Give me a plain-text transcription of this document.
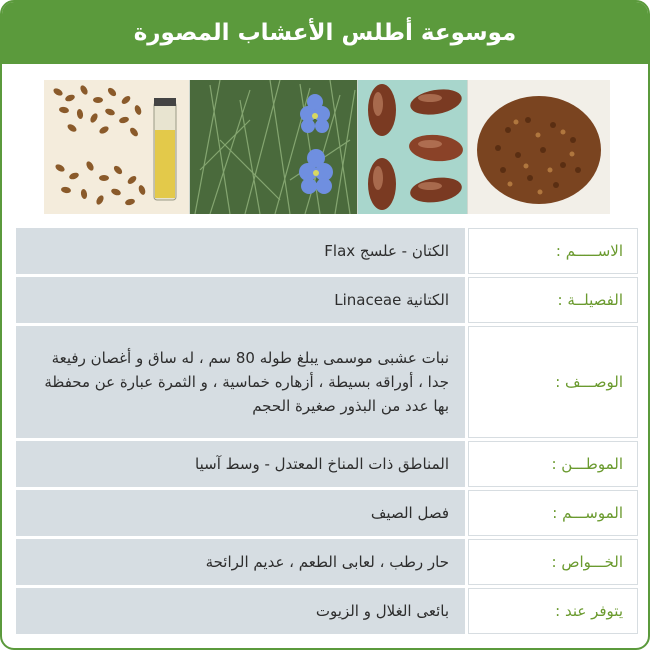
موسوعة أطلس الأعشاب المصورة
الاســـــم :
الكتان - علسج Flax
الفصيلــة :
الكتانية Linaceae
الوصـــف :
نبات عشبى موسمى يبلغ طوله 80 سم ، له ساق و أغصان رفيعة جدا ، أوراقه بسيطة ، أزهاره خماسية ، و الثمرة عبارة عن محفظة بها عدد من البذور صغيرة الحجم
الموطـــن :
المناطق ذات المناخ المعتدل - وسط آسيا
الموســـم :
فصل الصيف
الخـــواص :
حار رطب ، لعابى الطعم ، عديم الرائحة
يتوفر عند :
بائعى الغلال و الزيوت
